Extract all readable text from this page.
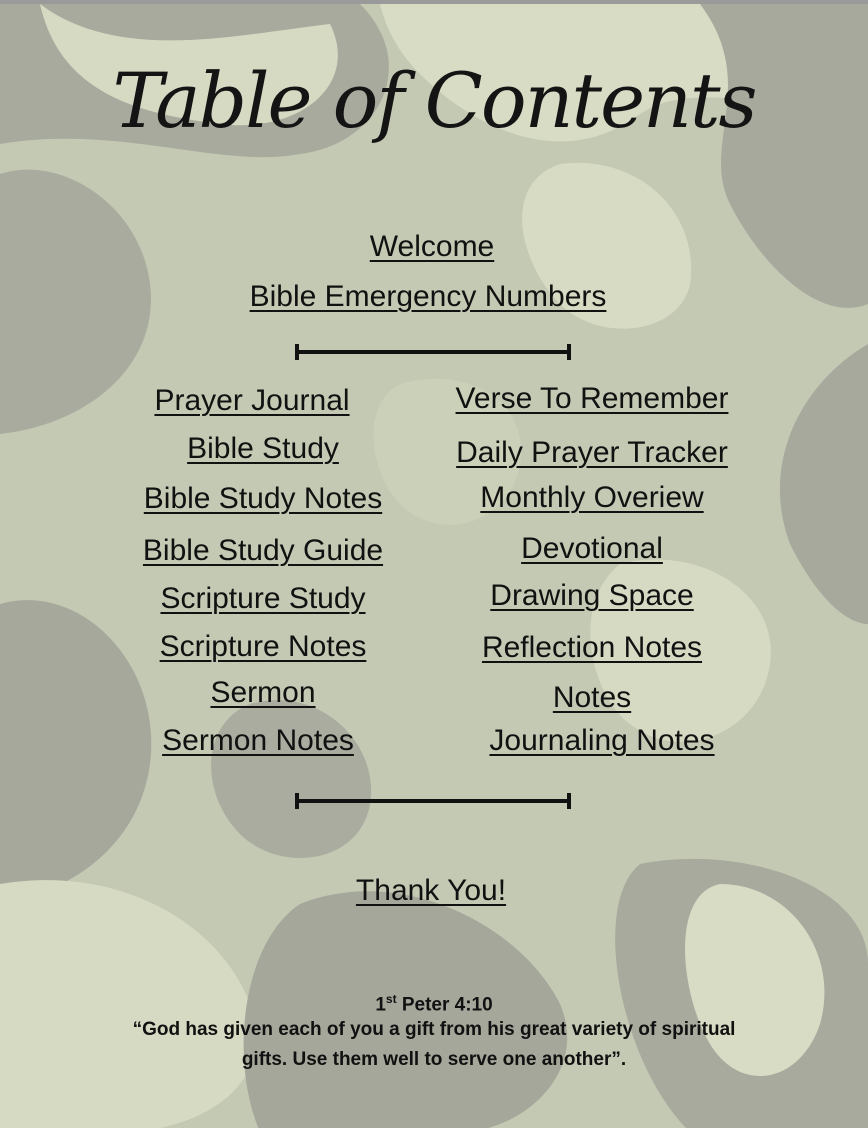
Table of Contents
Welcome
Bible Emergency Numbers
Prayer Journal
Bible Study
Bible Study Notes
Bible Study Guide
Scripture Study
Scripture Notes
Sermon
Sermon Notes
Verse To Remember
Daily Prayer Tracker
Monthly Overiew
Devotional
Drawing Space
Reflection Notes
Notes
Journaling Notes
Thank You!
1st Peter 4:10
“God has given each of you a gift from his great variety of spiritual
gifts. Use them well to serve one another”.
